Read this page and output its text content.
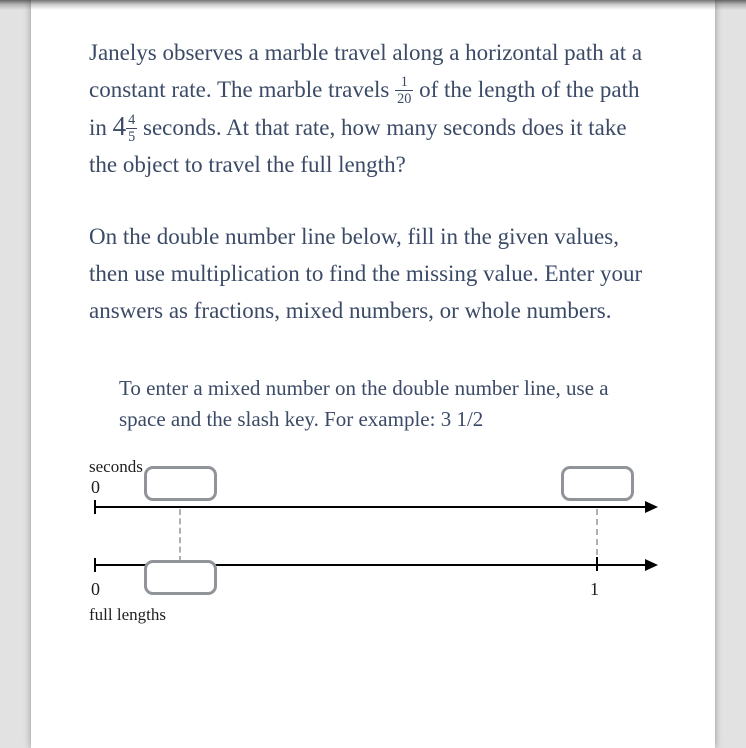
Janelys observes a marble travel along a horizontal path at a constant rate. The marble travels $\frac{1}{20}$ of the length of the path in $4 \frac{4}{5}$ seconds. At that rate, how many seconds does it take the object to travel the full length?

On the double number line below, fill in the given values, then use multiplication to find the missing value. Enter your answers as fractions, mixed numbers, or whole numbers.

To enter a mixed number on the double number line, use a space and the slash key. For example: 3 1/2
seconds
0
0	1
full lengths
